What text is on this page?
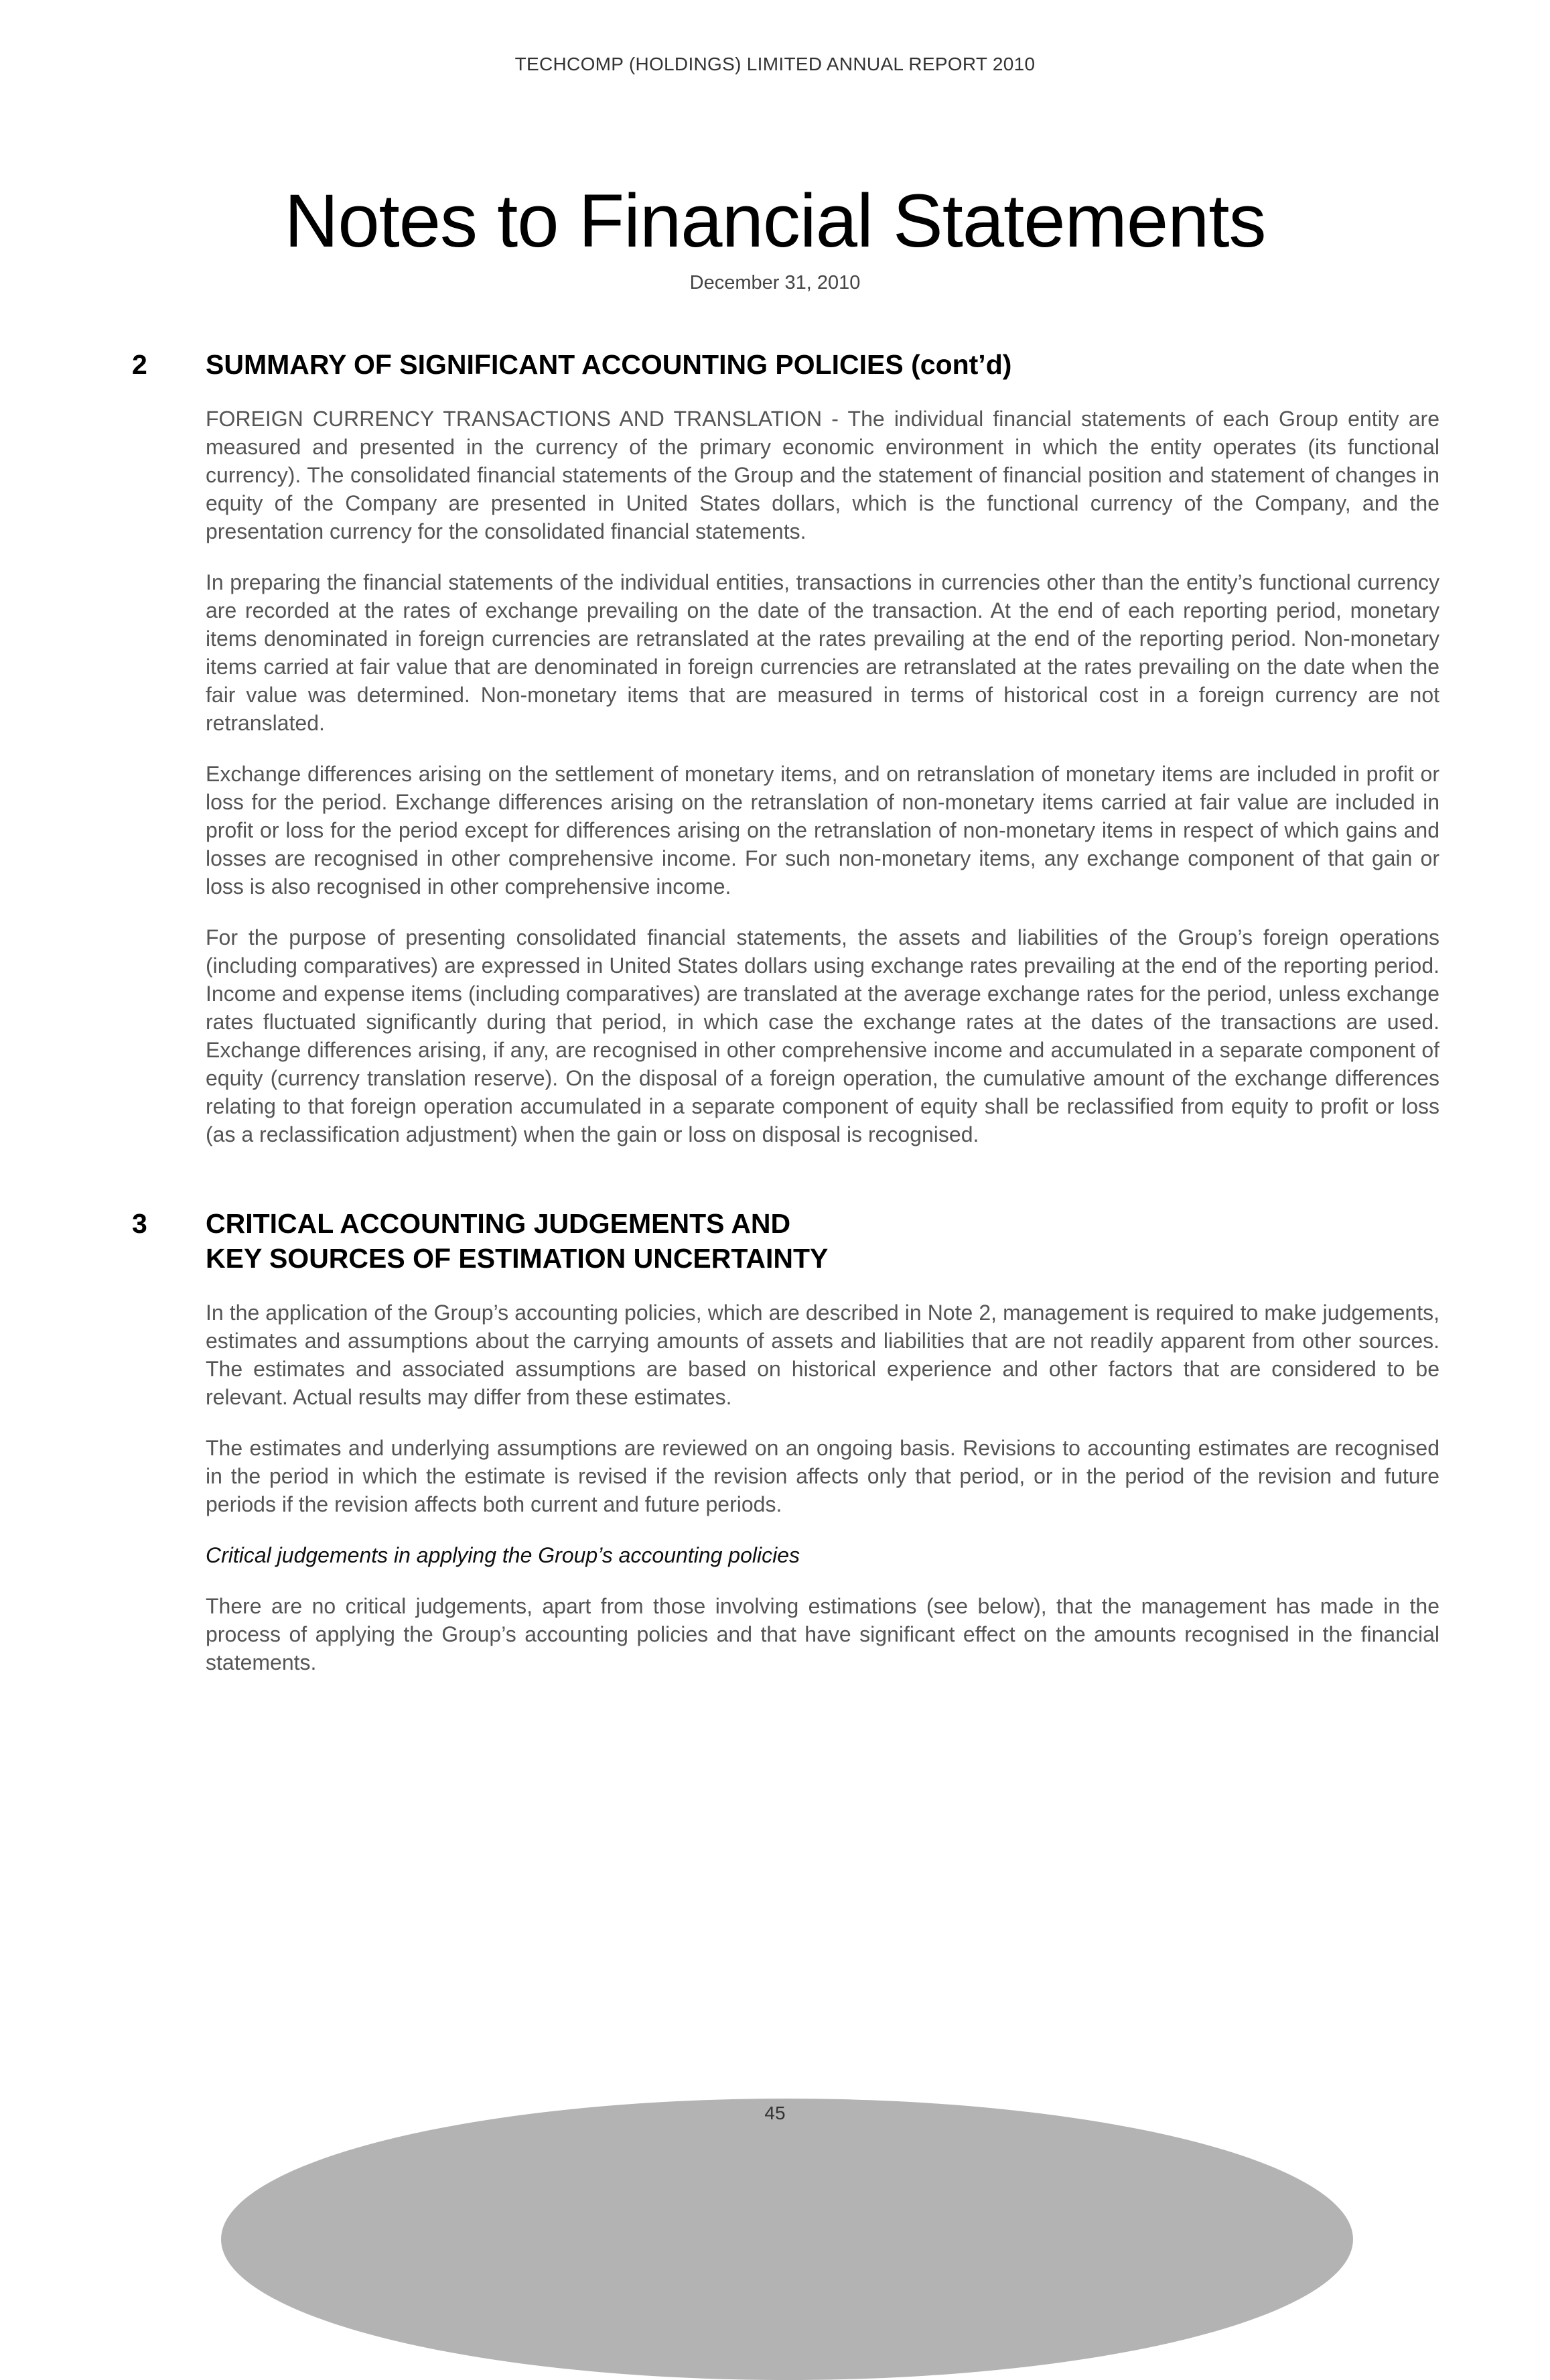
TECHCOMP (HOLDINGS) LIMITED ANNUAL REPORT 2010
Notes to Financial Statements
December 31, 2010
2 SUMMARY OF SIGNIFICANT ACCOUNTING POLICIES (cont’d)

FOREIGN CURRENCY TRANSACTIONS AND TRANSLATION - The individual financial statements of each Group entity are measured and presented in the currency of the primary economic environment in which the entity operates (its functional currency). The consolidated financial statements of the Group and the statement of financial position and statement of changes in equity of the Company are presented in United States dollars, which is the functional currency of the Company, and the presentation currency for the consolidated financial statements.

In preparing the financial statements of the individual entities, transactions in currencies other than the entity’s functional currency are recorded at the rates of exchange prevailing on the date of the transaction. At the end of each reporting period, monetary items denominated in foreign currencies are retranslated at the rates prevailing at the end of the reporting period. Non-monetary items carried at fair value that are denominated in foreign currencies are retranslated at the rates prevailing on the date when the fair value was determined. Non-monetary items that are measured in terms of historical cost in a foreign currency are not retranslated.

Exchange differences arising on the settlement of monetary items, and on retranslation of monetary items are included in profit or loss for the period. Exchange differences arising on the retranslation of non-monetary items carried at fair value are included in profit or loss for the period except for differences arising on the retranslation of non-monetary items in respect of which gains and losses are recognised in other comprehensive income. For such non-monetary items, any exchange component of that gain or loss is also recognised in other comprehensive income.

For the purpose of presenting consolidated financial statements, the assets and liabilities of the Group’s foreign operations (including comparatives) are expressed in United States dollars using exchange rates prevailing at the end of the reporting period. Income and expense items (including comparatives) are translated at the average exchange rates for the period, unless exchange rates fluctuated significantly during that period, in which case the exchange rates at the dates of the transactions are used. Exchange differences arising, if any, are recognised in other comprehensive income and accumulated in a separate component of equity (currency translation reserve). On the disposal of a foreign operation, the cumulative amount of the exchange differences relating to that foreign operation accumulated in a separate component of equity shall be reclassified from equity to profit or loss (as a reclassification adjustment) when the gain or loss on disposal is recognised.

3 CRITICAL ACCOUNTING JUDGEMENTS AND
KEY SOURCES OF ESTIMATION UNCERTAINTY

In the application of the Group’s accounting policies, which are described in Note 2, management is required to make judgements, estimates and assumptions about the carrying amounts of assets and liabilities that are not readily apparent from other sources. The estimates and associated assumptions are based on historical experience and other factors that are considered to be relevant. Actual results may differ from these estimates.

The estimates and underlying assumptions are reviewed on an ongoing basis. Revisions to accounting estimates are recognised in the period in which the estimate is revised if the revision affects only that period, or in the period of the revision and future periods if the revision affects both current and future periods.

Critical judgements in applying the Group’s accounting policies

There are no critical judgements, apart from those involving estimations (see below), that the management has made in the process of applying the Group’s accounting policies and that have significant effect on the amounts recognised in the financial statements.

45
